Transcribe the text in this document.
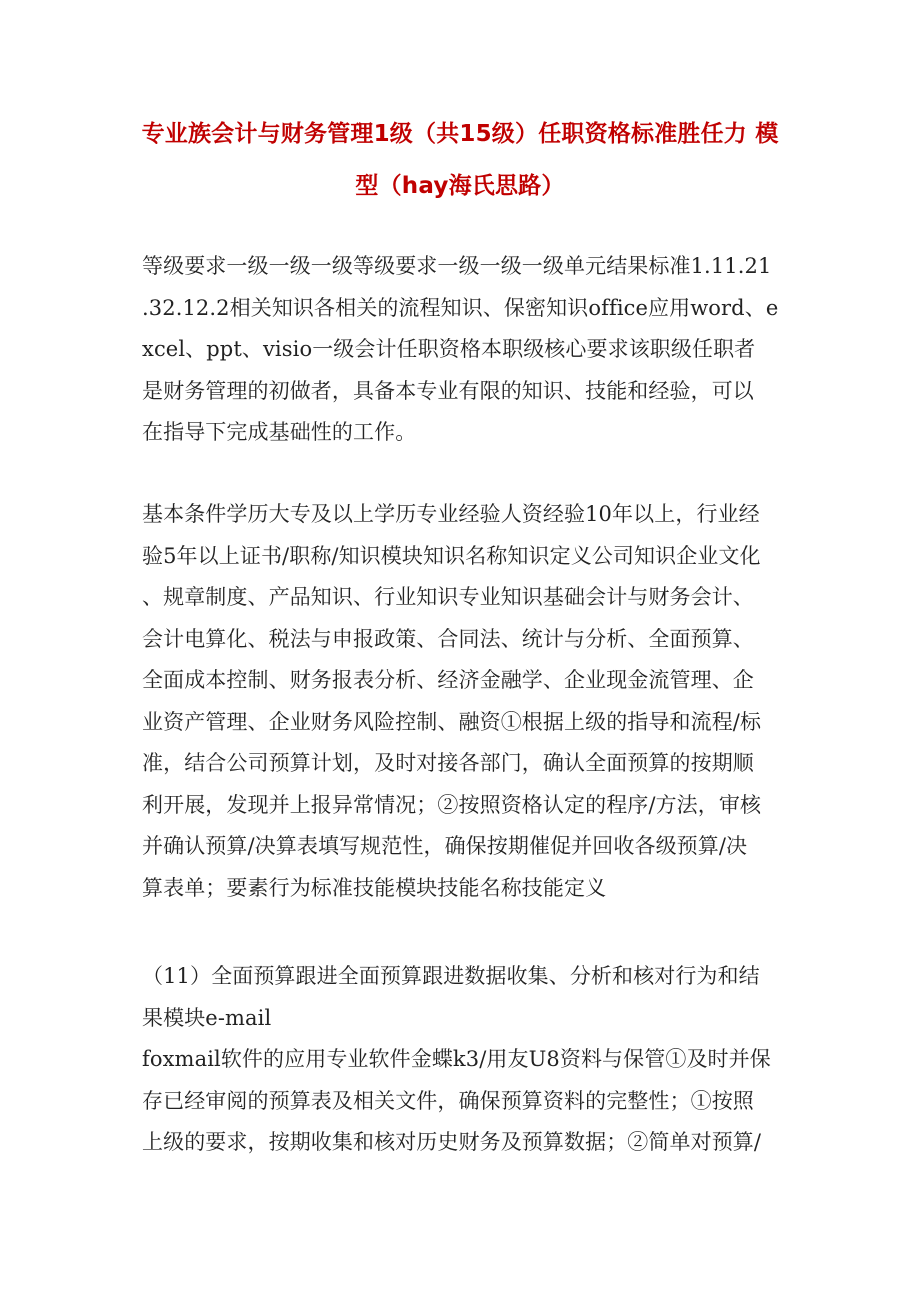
专业族会计与财务管理1级（共15级）任职资格标准胜任力 模型（hay海氏思路）

等级要求一级一级一级等级要求一级一级一级单元结果标准1.11.21
.32.12.2相关知识各相关的流程知识、保密知识office应用word、e
xcel、ppt、visio一级会计任职资格本职级核心要求该职级任职者
是财务管理的初做者，具备本专业有限的知识、技能和经验，可以
在指导下完成基础性的工作。

基本条件学历大专及以上学历专业经验人资经验10年以上，行业经
验5年以上证书/职称/知识模块知识名称知识定义公司知识企业文化
、规章制度、产品知识、行业知识专业知识基础会计与财务会计、
会计电算化、税法与申报政策、合同法、统计与分析、全面预算、
全面成本控制、财务报表分析、经济金融学、企业现金流管理、企
业资产管理、企业财务风险控制、融资①根据上级的指导和流程/标
准，结合公司预算计划，及时对接各部门，确认全面预算的按期顺
利开展，发现并上报异常情况；②按照资格认定的程序/方法，审核
并确认预算/决算表填写规范性，确保按期催促并回收各级预算/决
算表单；要素行为标准技能模块技能名称技能定义

（11）全面预算跟进全面预算跟进数据收集、分析和核对行为和结
果模块e-mail
foxmail软件的应用专业软件金蝶k3/用友U8资料与保管①及时并保
存已经审阅的预算表及相关文件，确保预算资料的完整性；①按照
上级的要求，按期收集和核对历史财务及预算数据；②简单对预算/
